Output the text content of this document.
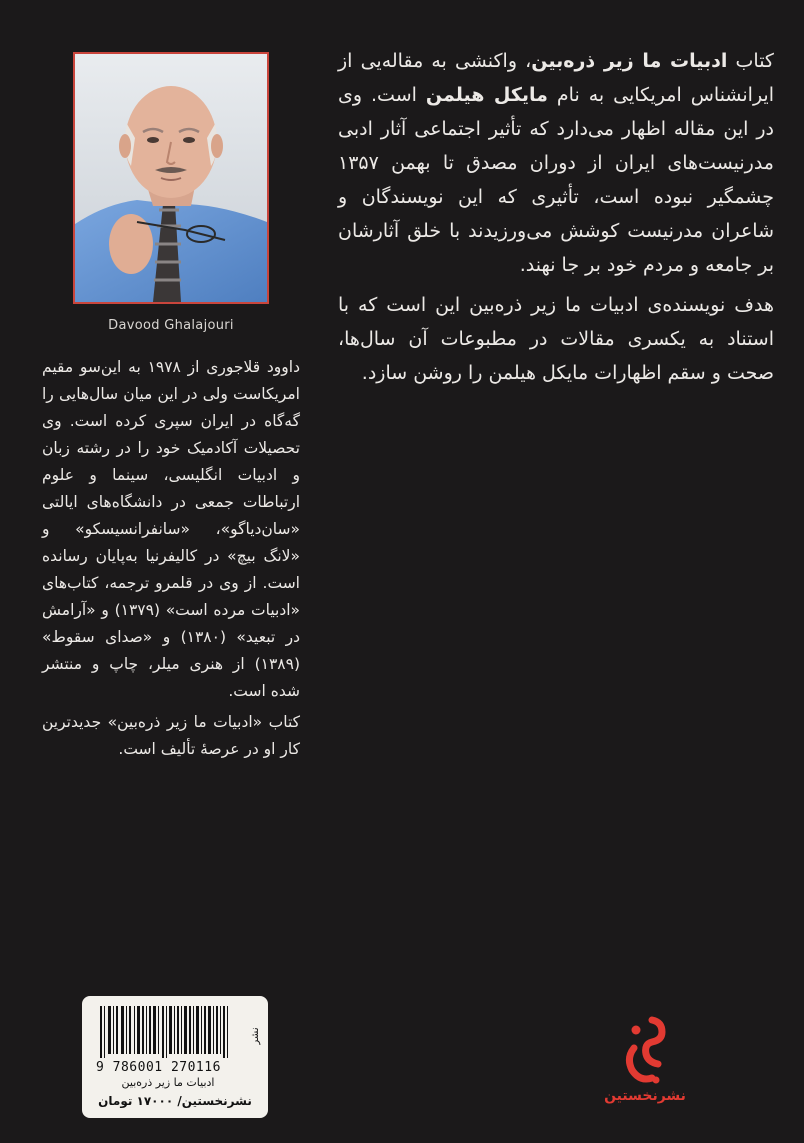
کتاب ادبیات ما زیر ذره‌بین، واکنشی به مقاله‌یی از ایرانشناس امریکایی به نام مایکل هیلمن است. وی در این مقاله اظهار می‌دارد که تأثیر اجتماعی آثار ادبی مدرنیست‌های ایران از دوران مصدق تا بهمن ۱۳۵۷ چشمگیر نبوده است، تأثیری که این نویسندگان و شاعران مدرنیست کوشش می‌ورزیدند با خلق آثارشان بر جامعه و مردم خود بر جا نهند.

هدف نویسنده‌ی ادبیات ما زیر ذره‌بین این است که با استناد به یکسری مقالات در مطبوعات آن سال‌ها، صحت و سقم اظهارات مایکل هیلمن را روشن سازد.

Davood Ghalajouri

داوود قلاجوری از ۱۹۷۸ به این‌سو مقیم امریکاست ولی در این میان سال‌هایی را گه‌گاه در ایران سپری کرده است. وی تحصیلات آکادمیک خود را در رشته زبان و ادبیات انگلیسی، سینما و علوم ارتباطات جمعی در دانشگاه‌های ایالتی «سان‌دیاگو»، «سانفرانسیسکو» و «لانگ بیچ» در کالیفرنیا به‌پایان رسانده است. از وی در قلمرو ترجمه، کتاب‌های «ادبیات مرده است» (۱۳۷۹) و «آرامش در تبعید» (۱۳۸۰) و «صدای سقوط» (۱۳۸۹) از هنری میلر، چاپ و منتشر شده است.

کتاب «ادبیات ما زیر ذره‌بین» جدیدترین کار او در عرصهٔ تألیف است.

نشر
9 786001 270116
ادبیات ما زیر ذره‌بین
نشرنخستین/ ۱۷۰۰۰ تومان	نشرنخستین
